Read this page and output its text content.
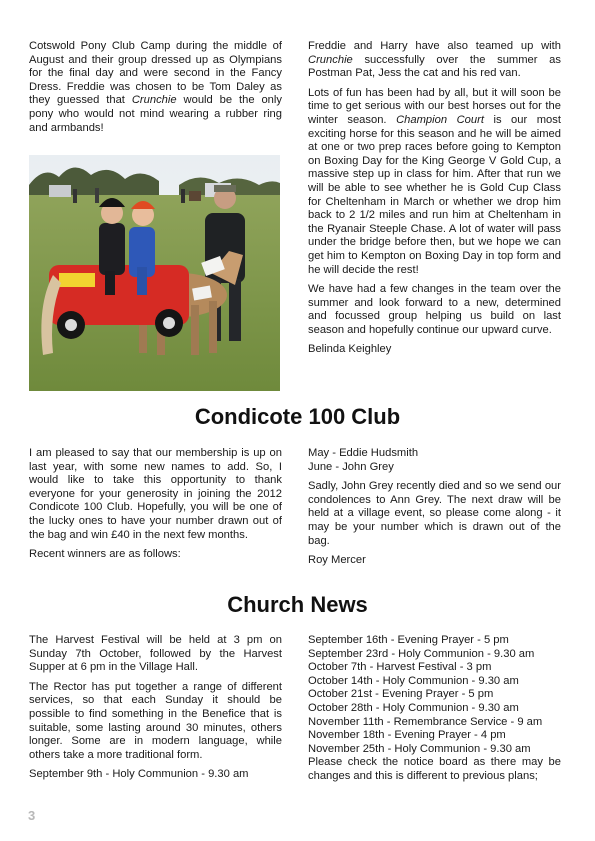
Cotswold Pony Club Camp during the middle of August and their group dressed up as Olympians for the final day and were second in the Fancy Dress. Freddie was chosen to be Tom Daley as they guessed that Crunchie would be the only pony who would not mind wearing a rubber ring and armbands!

Freddie and Harry have also teamed up with Crunchie successfully over the summer as Postman Pat, Jess the cat and his red van.

Lots of fun has been had by all, but it will soon be time to get serious with our best horses out for the winter season. Champion Court is our most exciting horse for this season and he will be aimed at one or two prep races before going to Kempton on Boxing Day for the King George V Gold Cup, a massive step up in class for him. After that run we will be able to see whether he is Gold Cup Class for Cheltenham in March or whether we drop him back to 2 1/2 miles and run him at Cheltenham in the Ryanair Steeple Chase. A lot of water will pass under the bridge before then, but we hope we can get him to Kempton on Boxing Day in top form and he will decide the rest!

We have had a few changes in the team over the summer and look forward to a new, determined and focussed group helping us build on last season and hopefully continue our upward curve.

Belinda Keighley

Condicote 100 Club

I am pleased to say that our membership is up on last year, with some new names to add. So, I would like to take this opportunity to thank everyone for your generosity in joining the 2012 Condicote 100 Club. Hopefully, you will be one of the lucky ones to have your number drawn out of the bag and win £40 in the next few months.

Recent winners are as follows:

May - Eddie Hudsmith
June - John Grey

Sadly, John Grey recently died and so we send our condolences to Ann Grey. The next draw will be held at a village event, so please come along - it may be your number which is drawn out of the bag.

Roy Mercer

Church News

The Harvest Festival will be held at 3 pm on Sunday 7th October, followed by the Harvest Supper at 6 pm in the Village Hall.

The Rector has put together a range of different services, so that each Sunday it should be possible to find something in the Benefice that is suitable, some lasting around 30 minutes, others longer. Some are in modern language, while others take a more traditional form.

September 9th - Holy Communion - 9.30 am

September 16th - Evening Prayer - 5 pm
September 23rd - Holy Communion - 9.30 am
October 7th - Harvest Festival - 3 pm
October 14th - Holy Communion - 9.30 am
October 21st - Evening Prayer - 5 pm
October 28th - Holy Communion - 9.30 am
November 11th - Remembrance Service - 9 am
November 18th - Evening Prayer - 4 pm
November 25th - Holy Communion - 9.30 am

Please check the notice board as there may be changes and this is different to previous plans;

3
